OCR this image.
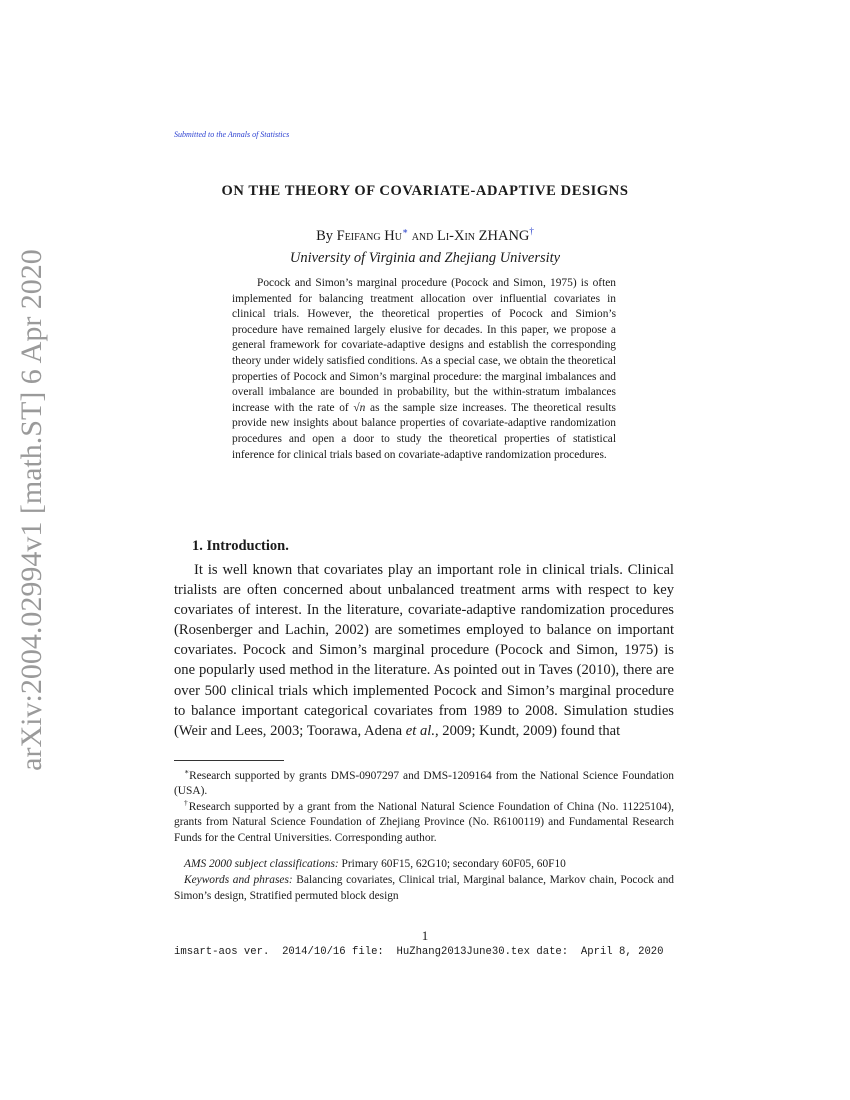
arXiv:2004.02994v1 [math.ST] 6 Apr 2020
Submitted to the Annals of Statistics
ON THE THEORY OF COVARIATE-ADAPTIVE DESIGNS
By Feifang Hu∗ and Li-Xin ZHANG†
University of Virginia and Zhejiang University

Pocock and Simon’s marginal procedure (Pocock and Simon, 1975) is often implemented for balancing treatment allocation over influential covariates in clinical trials. However, the theoretical properties of Pocock and Simion’s procedure have remained largely elusive for decades. In this paper, we propose a general framework for covariate-adaptive designs and establish the corresponding theory under widely satisfied conditions. As a special case, we obtain the theoretical properties of Pocock and Simon’s marginal procedure: the marginal imbalances and overall imbalance are bounded in probability, but the within-stratum imbalances increase with the rate of √n as the sample size increases. The theoretical results provide new insights about balance properties of covariate-adaptive randomization procedures and open a door to study the theoretical properties of statistical inference for clinical trials based on covariate-adaptive randomization procedures.

1. Introduction.

It is well known that covariates play an important role in clinical trials. Clinical trialists are often concerned about unbalanced treatment arms with respect to key covariates of interest. In the literature, covariate-adaptive randomization procedures (Rosenberger and Lachin, 2002) are sometimes employed to balance on important covariates. Pocock and Simon’s marginal procedure (Pocock and Simon, 1975) is one popularly used method in the literature. As pointed out in Taves (2010), there are over 500 clinical trials which implemented Pocock and Simon’s marginal procedure to balance important categorical covariates from 1989 to 2008. Simulation studies (Weir and Lees, 2003; Toorawa, Adena et al., 2009; Kundt, 2009) found that

∗Research supported by grants DMS-0907297 and DMS-1209164 from the National Science Foundation (USA).

†Research supported by a grant from the National Natural Science Foundation of China (No. 11225104), grants from Natural Science Foundation of Zhejiang Province (No. R6100119) and Fundamental Research Funds for the Central Universities. Corresponding author.

AMS 2000 subject classifications: Primary 60F15, 62G10; secondary 60F05, 60F10

Keywords and phrases: Balancing covariates, Clinical trial, Marginal balance, Markov chain, Pocock and Simon’s design, Stratified permuted block design

1
imsart-aos ver.  2014/10/16 file:  HuZhang2013June30.tex date:  April 8, 2020
